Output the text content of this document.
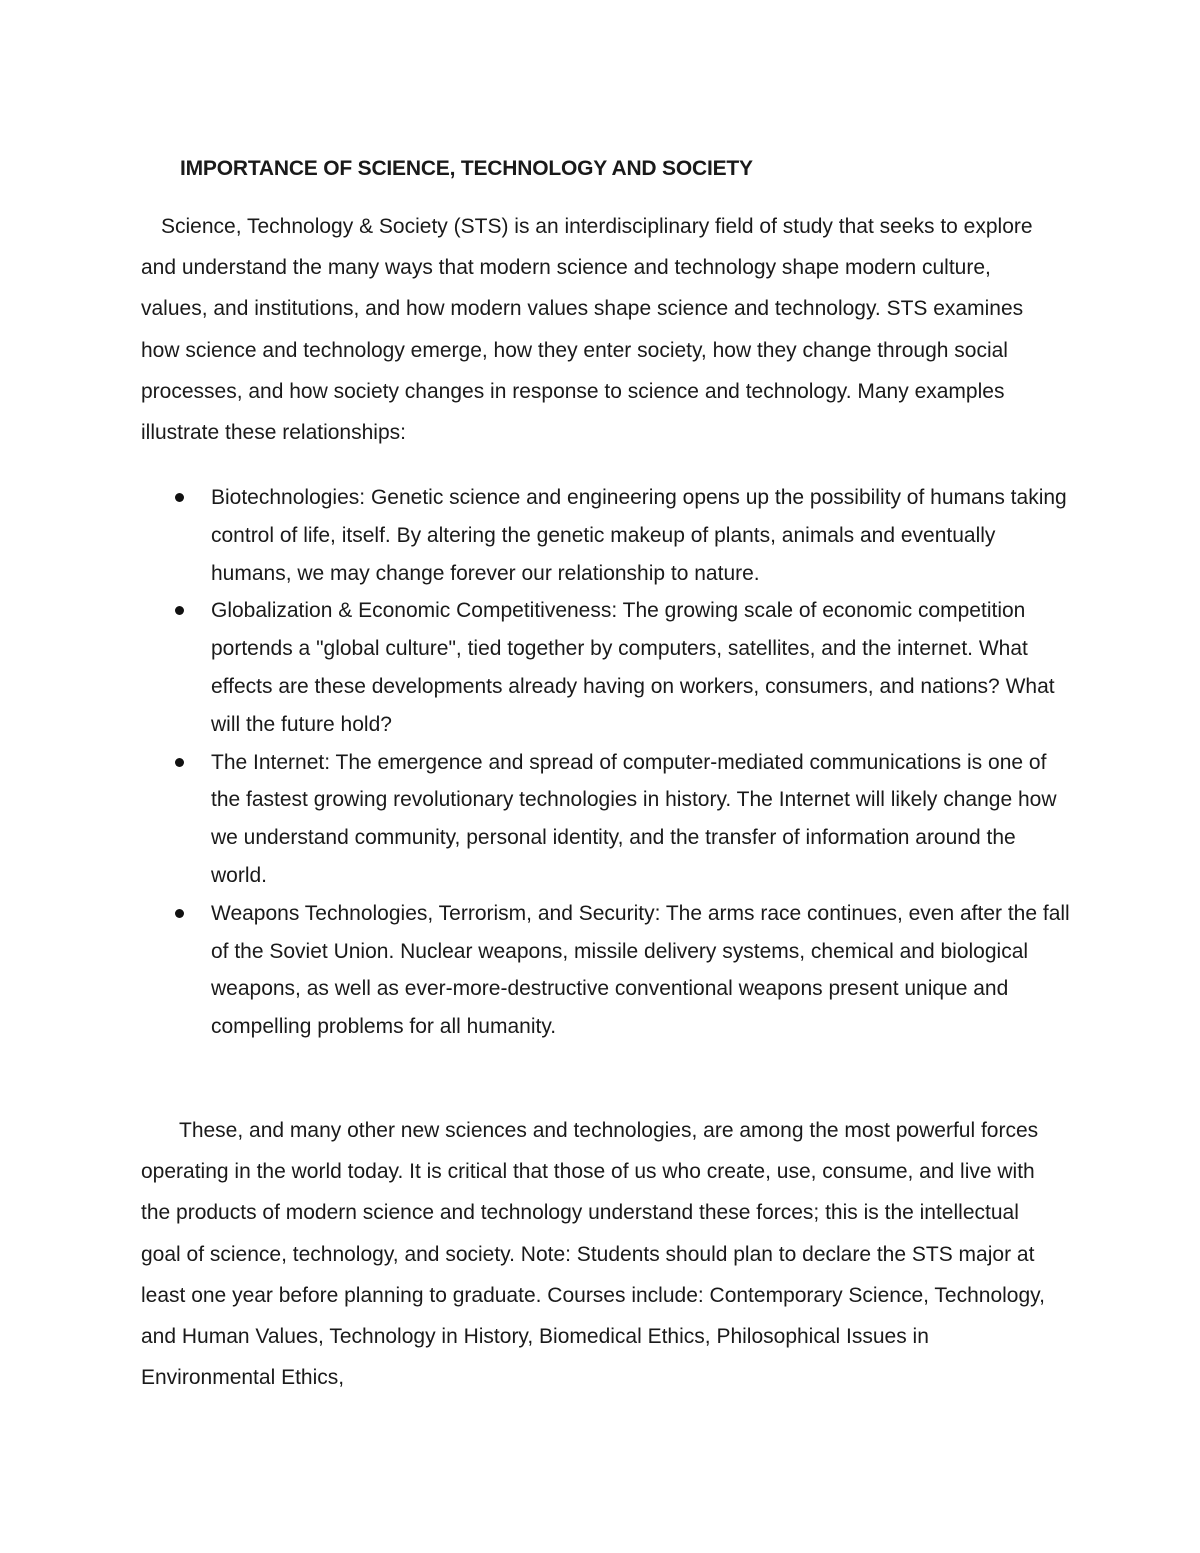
IMPORTANCE OF SCIENCE, TECHNOLOGY AND SOCIETY

Science, Technology & Society (STS) is an interdisciplinary field of study that seeks to explore and understand the many ways that modern science and technology shape modern culture, values, and institutions, and how modern values shape science and technology. STS examines how science and technology emerge, how they enter society, how they change through social processes, and how society changes in response to science and technology. Many examples illustrate these relationships:

Biotechnologies: Genetic science and engineering opens up the possibility of humans taking control of life, itself. By altering the genetic makeup of plants, animals and eventually humans, we may change forever our relationship to nature.
Globalization & Economic Competitiveness: The growing scale of economic competition portends a "global culture", tied together by computers, satellites, and the internet. What effects are these developments already having on workers, consumers, and nations? What will the future hold?
The Internet: The emergence and spread of computer-mediated communications is one of the fastest growing revolutionary technologies in history. The Internet will likely change how we understand community, personal identity, and the transfer of information around the world.
Weapons Technologies, Terrorism, and Security: The arms race continues, even after the fall of the Soviet Union. Nuclear weapons, missile delivery systems, chemical and biological weapons, as well as ever-more-destructive conventional weapons present unique and compelling problems for all humanity.

These, and many other new sciences and technologies, are among the most powerful forces operating in the world today. It is critical that those of us who create, use, consume, and live with the products of modern science and technology understand these forces; this is the intellectual goal of science, technology, and society. Note: Students should plan to declare the STS major at least one year before planning to graduate. Courses include: Contemporary Science, Technology, and Human Values, Technology in History, Biomedical Ethics, Philosophical Issues in Environmental Ethics,
